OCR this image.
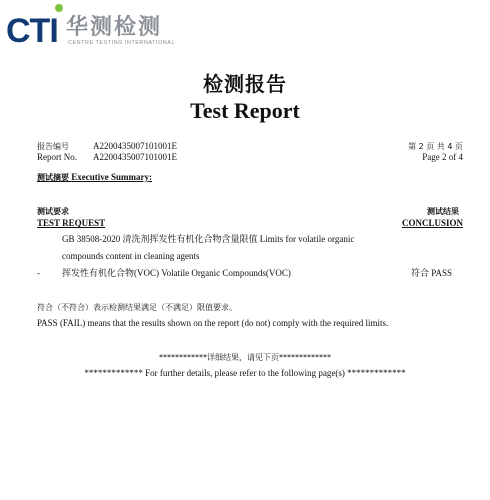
CTI 华测检测
CENTRE TESTING INTERNATIONAL
检测报告
Test Report
报告编号	A2200435007101001E
Report No. A2200435007101001E
第 2 页 共 4 页
Page 2 of 4
测试摘要 Executive Summary:
测试要求
TEST REQUEST
测试结果
CONCLUSION
GB 38508-2020 清洗剂挥发性有机化合物含量限值 Limits for volatile organic
compounds content in cleaning agents
- 挥发性有机化合物(VOC) Volatile Organic Compounds(VOC)	符合 PASS
符合（不符合）表示检测结果满足（不满足）限值要求。
PASS (FAIL) means that the results shown on the report (do not) comply with the required limits.
************详细结果，请见下页*************
************* For further details, please refer to the following page(s) *************
